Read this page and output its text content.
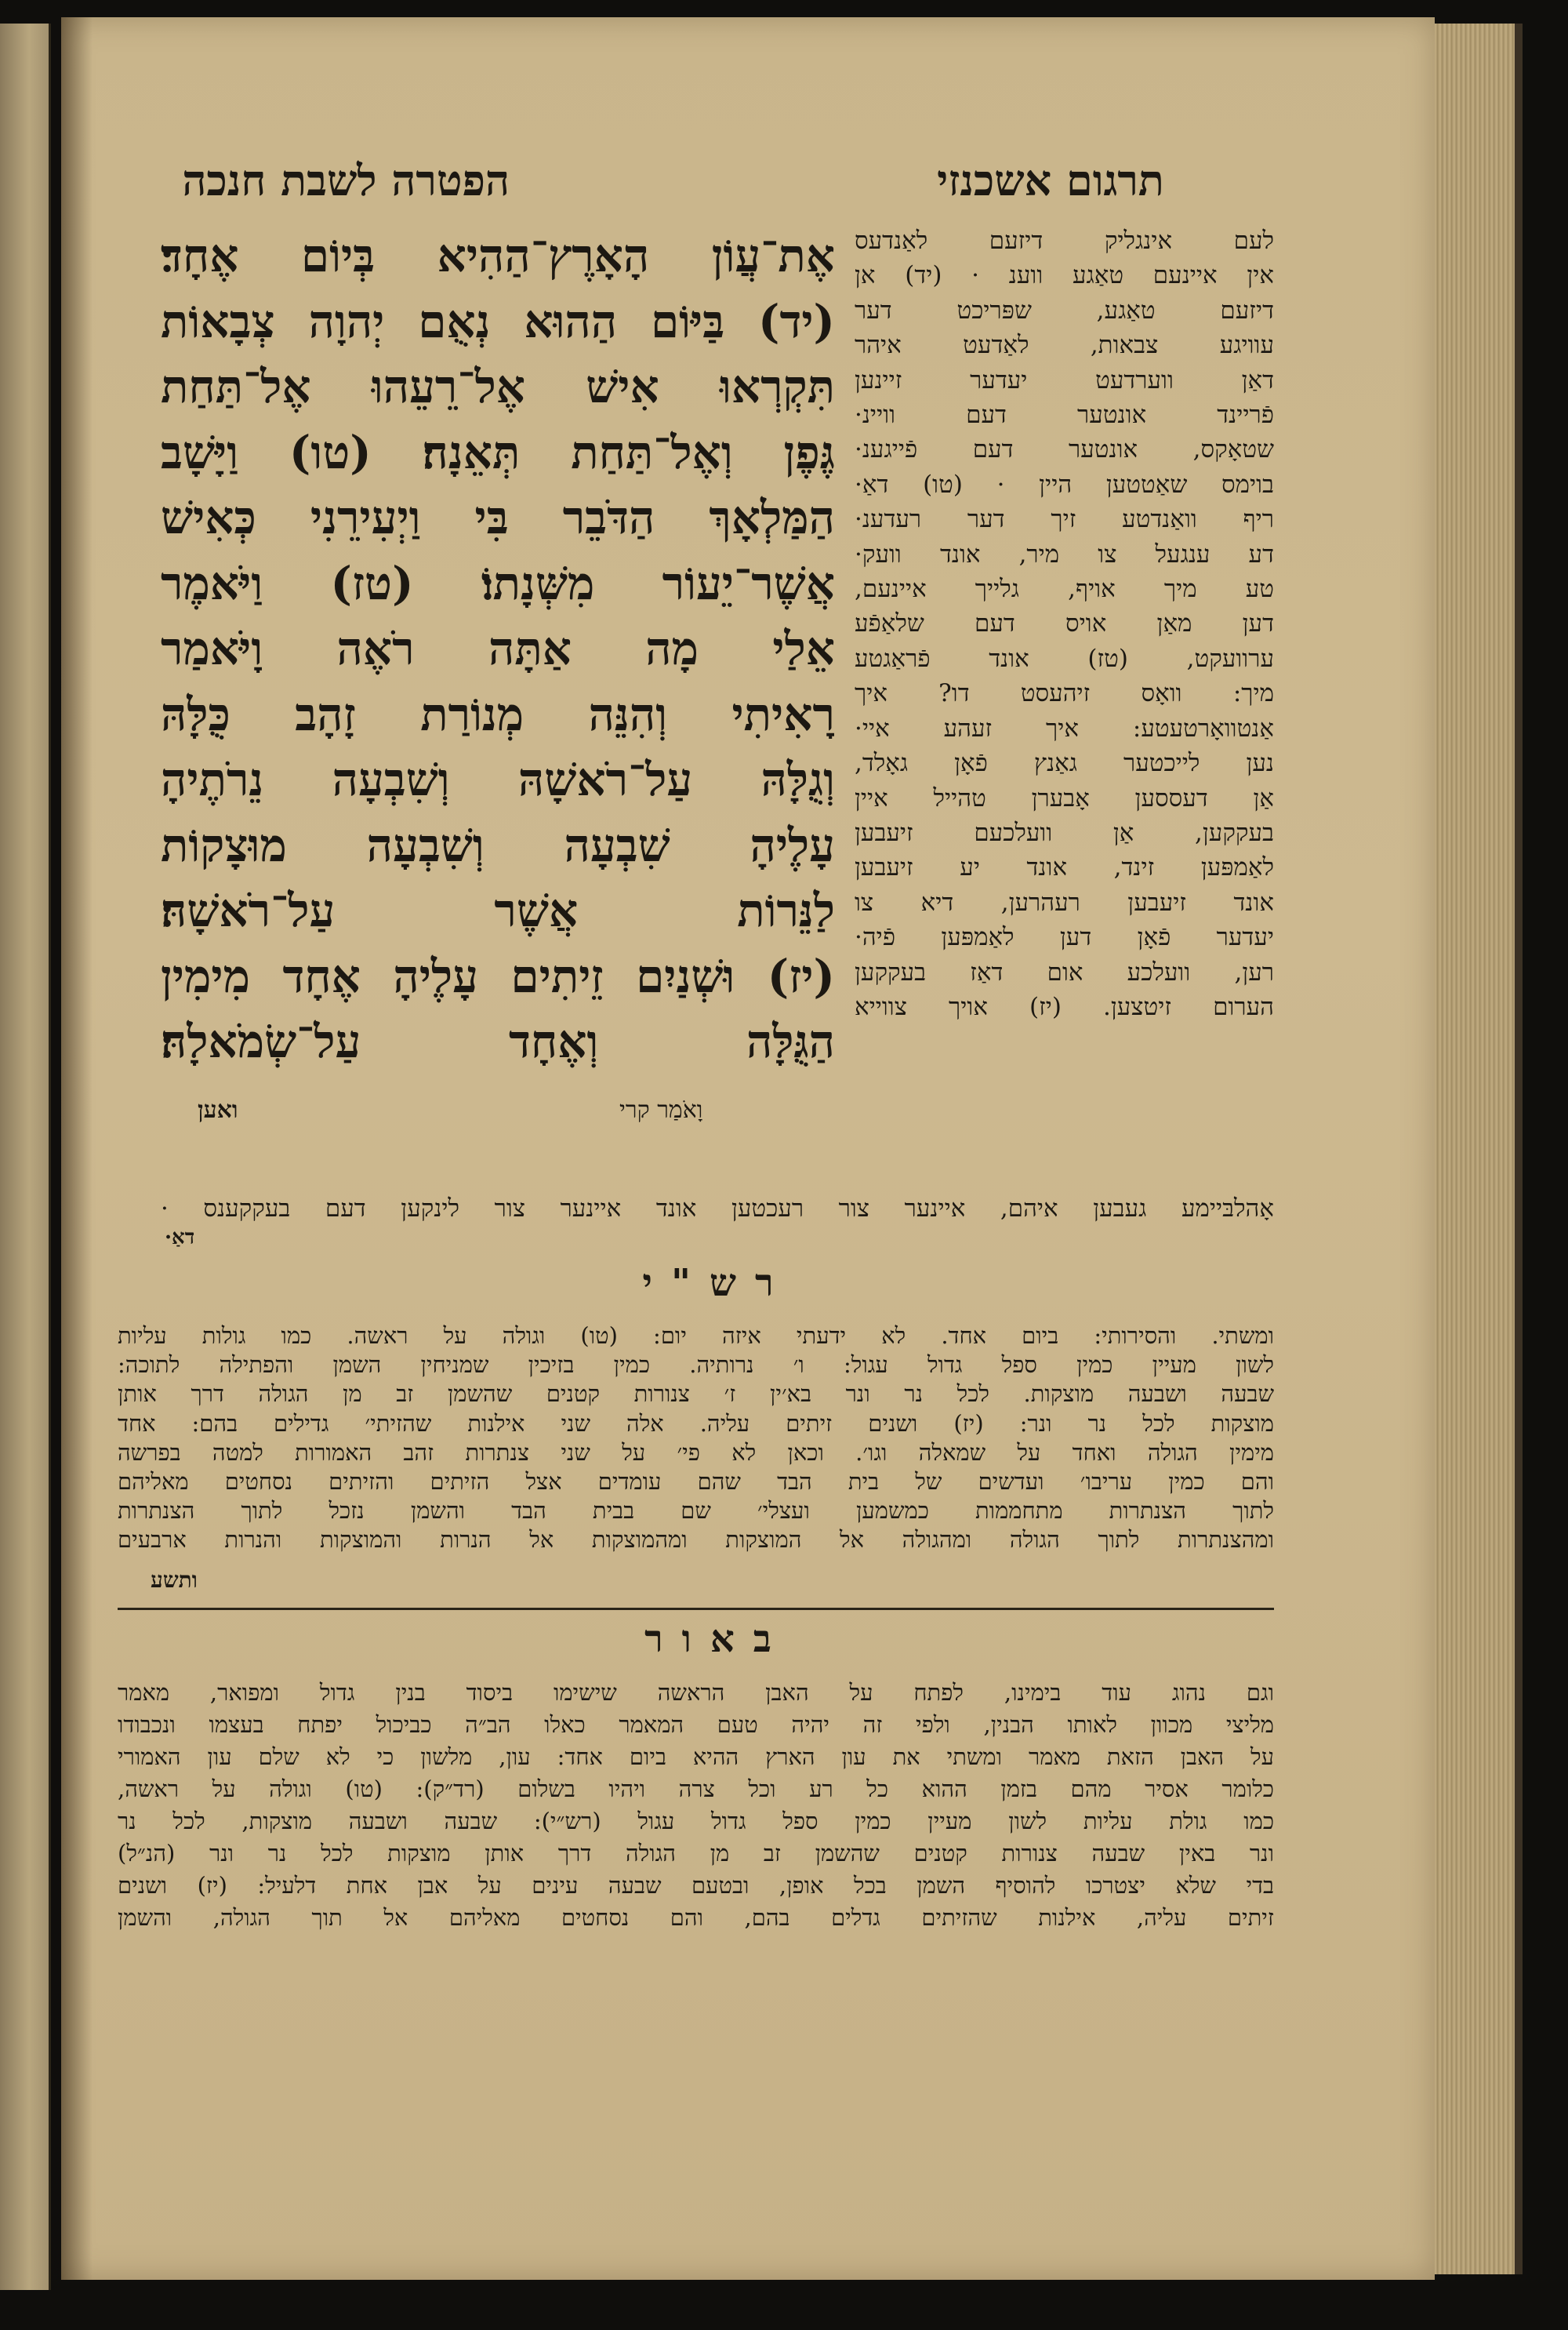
תרגום אשכנזי
הפטרה לשבת חנכה
אֶת־עֲוֹן הָאָרֶץ־הַהִיא בְּיוֹם אֶחָד׃
(יד) בַּיּוֹם הַהוּא נְאֻם יְהוָה צְבָאוֹת
תִּקְרְאוּ אִישׁ אֶל־רֵעֵהוּ אֶל־תַּחַת
גֶּפֶן וְאֶל־תַּחַת תְּאֵנָה׃ (טו) וַיָּשָׁב
הַמַּלְאָךְ הַדֹּבֵר בִּי וַיְעִירֵנִי כְּאִישׁ
אֲשֶׁר־יֵעוֹר מִשְּׁנָתוֹ׃ (טז) וַיֹּאמֶר
אֵלַי מָה אַתָּה רֹאֶה וָיֹּאמַר
רָאִיתִי וְהִנֵּה מְנוֹרַת זָהָב כֻּלָּהּ
וְגֻלָּהּ עַל־רֹאשָׁהּ וְשִׁבְעָה נֵרֹתֶיהָ
עָלֶיהָ שִׁבְעָה וְשִׁבְעָה מוּצָקוֹת
לַנֵּרוֹת אֲשֶׁר עַל־רֹאשָׁהּ׃
(יז) וּשְׁנַיִם זֵיתִים עָלֶיהָ אֶחָד מִימִין
הַגֻּלָּה וְאֶחָד עַל־שְׂמֹאלָהּ׃
וָאֹמַר קרי
ואען
לעם אינגליק דיזעם לאַנדעס
אין איינעם טאַגע ווענ · (יד) אן
דיזעם טאַגע, שפּריכט דער
עוויגע צבאות, לאַדעט איהר
דאַן ווערדעט יעדער זיינען
פֿריינד אונטער דעם וויינ·
שטאָקס, אונטער דעם פֿייגענ·
בוימס שאַטטען היין · (טו) דאַ·
ריף וואַנדטע זיך דער רעדענ·
דע ענגעל צו מיר, אונד וועק·
טע מיך אויף, גלייך איינעם,
דען מאַן אויס דעם שלאַפֿע
ערוועקט, (טז) אונד פֿראַגטע
מיך: וואָס זיהעסט דו? איך
אַנטוואָרטעטע: איך זעהע איי·
נען לייכטער גאַנץ פֿאָן גאָלד,
אַן דעססען אָבערן טהייל איין
בעקקען, אַן וועלכעם זיעבען
לאַמפּען זינד, אונד יע זיעבען
אונד זיעבען רעהרען, דיא צו
יעדער פֿאָן דען לאַמפּען פֿיה·
רען, וועלכע אום דאַז בעקקען
הערום זיטצען. (יז) אויך צווייא
אָהלבּיימע געבען איהם, איינער צור רעכטען אונד איינער צור לינקען דעם בעקקענס ·
דאַ·
רש"י
ומשתי. והסירותי: ביום אחד. לא ידעתי איזה יום: (טו) וגולה על ראשה. כמו גולות עליות
לשון מעיין כמין ספל גדול עגול: ו׳ נרותיה. כמין בזיכין שמניחין השמן והפתילה לתוכה:
שבעה ושבעה מוצקות. לכל נר ונר בא׳ין ז׳ צנורות קטנים שהשמן זב מן הגולה דרך אותן
מוצקות לכל נר ונר: (יז) ושנים זיתים עליה. אלה שני אילנות שהזיתי׳ גדילים בהם: אחד
מימין הגולה ואחד על שמאלה וגו׳. וכאן לא פי׳ על שני צנתרות זהב האמורות למטה בפרשה
והם כמין עריבו׳ ועדשים של בית הבד שהם עומדים אצל הזיתים והזיתים נסחטים מאליהם
לתוך הצנתרות מתחממות כמשמען ועצלי׳ שם בבית הבד והשמן נזכל לתוך הצנתרות
ומהצנתרות לתוך הגולה ומהגולה אל המוצקות ומהמוצקות אל הנרות והמוצקות והנרות ארבעים
ותשע
באור
וגם נהוג עוד בימינו, לפתח על האבן הראשה שישימו ביסוד בנין גדול ומפואר, מאמר
מליצי מכוון לאותו הבנין, ולפי זה יהיה טעם המאמר כאלו הב״ה כביכול יפתח בעצמו ונכבודו
על האבן הזאת מאמר ומשתי את עון הארץ ההיא ביום אחד: עון, מלשון כי לא שלם עון האמורי
כלומר אסיר מהם בזמן ההוא כל רע וכל צרה ויהיו בשלום (רד״ק): (טו) וגולה על ראשה,
כמו גולת עליות לשון מעיין כמין ספל גדול עגול (רש״י): שבעה ושבעה מוצקות, לכל נר
ונר באין שבעה צנורות קטנים שהשמן זב מן הגולה דרך אותן מוצקות לכל נר ונר (הנ״ל)
בדי שלא יצטרכו להוסיף השמן בכל אופן, ובטעם שבעה עינים על אבן אחת דלעיל: (יז) ושנים
זיתים עליה, אילנות שהזיתים גדלים בהם, והם נסחטים מאליהם אל תוך הגולה, והשמן
